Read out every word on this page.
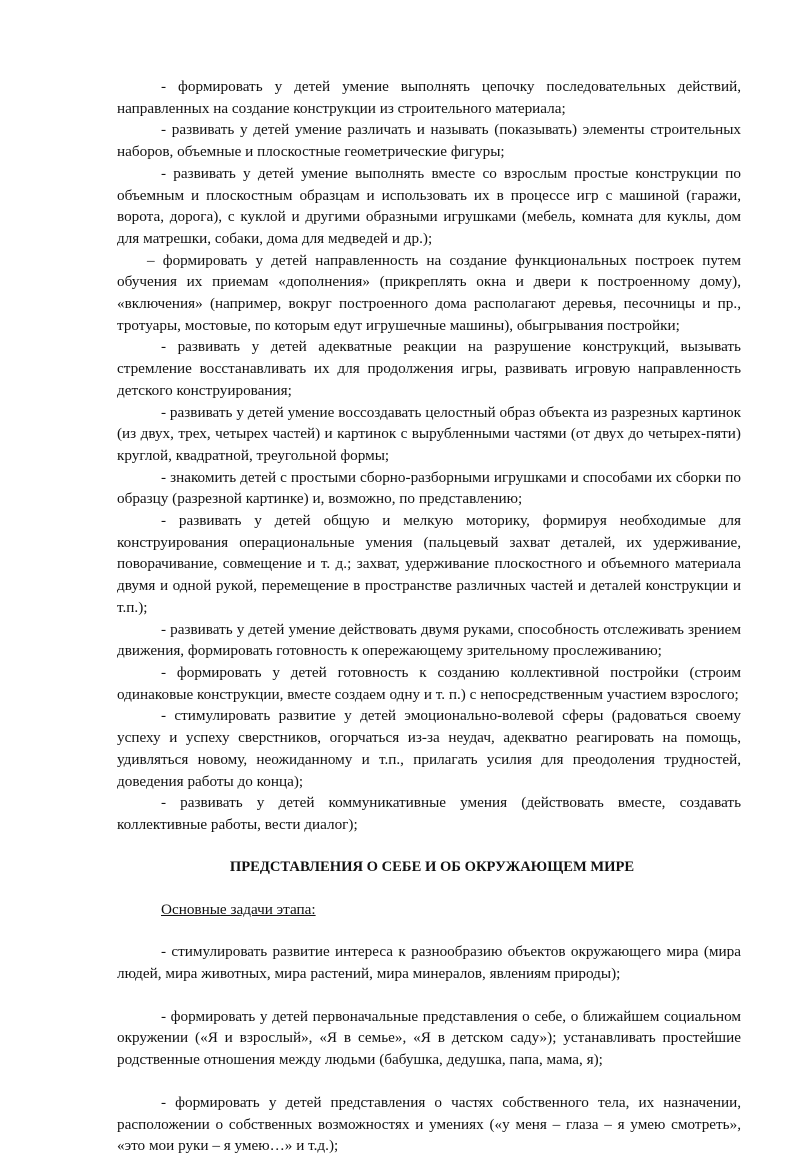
- формировать у детей умение выполнять цепочку последовательных действий, направленных на создание конструкции из строительного материала;

- развивать у детей умение различать и называть (показывать) элементы строительных наборов, объемные и плоскостные геометрические фигуры;

- развивать у детей умение выполнять вместе со взрослым простые конструкции по объемным и плоскостным образцам и использовать их в процессе игр с машиной (гаражи, ворота, дорога), с куклой и другими образными игрушками (мебель, комната для куклы, дом для матрешки, собаки, дома для медведей и др.);

– формировать у детей направленность на создание функциональных построек путем обучения их приемам «дополнения» (прикреплять окна и двери к построенному дому), «включения» (например, вокруг построенного дома располагают деревья, песочницы и пр., тротуары, мостовые, по которым едут игрушечные машины), обыгрывания постройки;

- развивать у детей адекватные реакции на разрушение конструкций, вызывать стремление восстанавливать их для продолжения игры, развивать игровую направленность детского конструирования;

- развивать у детей умение воссоздавать целостный образ объекта из разрезных картинок (из двух, трех, четырех частей) и картинок с вырубленными частями (от двух до четырех-пяти) круглой, квадратной, треугольной формы;

- знакомить детей с простыми сборно-разборными игрушками и способами их сборки по образцу (разрезной картинке) и, возможно, по представлению;

- развивать у детей общую и мелкую моторику, формируя необходимые для конструирования операциональные умения (пальцевый захват деталей, их удерживание, поворачивание, совмещение и т. д.; захват, удерживание плоскостного и объемного материала двумя и одной рукой, перемещение в пространстве различных частей и деталей конструкции и т.п.);

- развивать у детей умение действовать двумя руками, способность отслеживать зрением движения, формировать готовность к опережающему зрительному прослеживанию;

- формировать у детей готовность к созданию коллективной постройки (строим одинаковые конструкции, вместе создаем одну и т. п.) с непосредственным участием взрослого;

- стимулировать развитие у детей эмоционально-волевой сферы (радоваться своему успеху и успеху сверстников, огорчаться из-за неудач, адекватно реагировать на помощь, удивляться новому, неожиданному и т.п., прилагать усилия для преодоления трудностей, доведения работы до конца);

- развивать у детей коммуникативные умения (действовать вместе, создавать коллективные работы, вести диалог);

ПРЕДСТАВЛЕНИЯ О СЕБЕ И ОБ ОКРУЖАЮЩЕМ МИРЕ
Основные задачи этапа:

- стимулировать развитие интереса к разнообразию объектов окружающего мира (мира людей, мира животных, мира растений, мира минералов, явлениям природы);

- формировать у детей первоначальные представления о себе, о ближайшем социальном окружении («Я и взрослый», «Я в семье», «Я в детском саду»); устанавливать простейшие родственные отношения между людьми (бабушка, дедушка, папа, мама, я);

- формировать у детей представления о частях собственного тела, их назначении, расположении о собственных возможностях и умениях («у меня – глаза – я умею смотреть», «это мои руки – я умею…» и т.д.);
